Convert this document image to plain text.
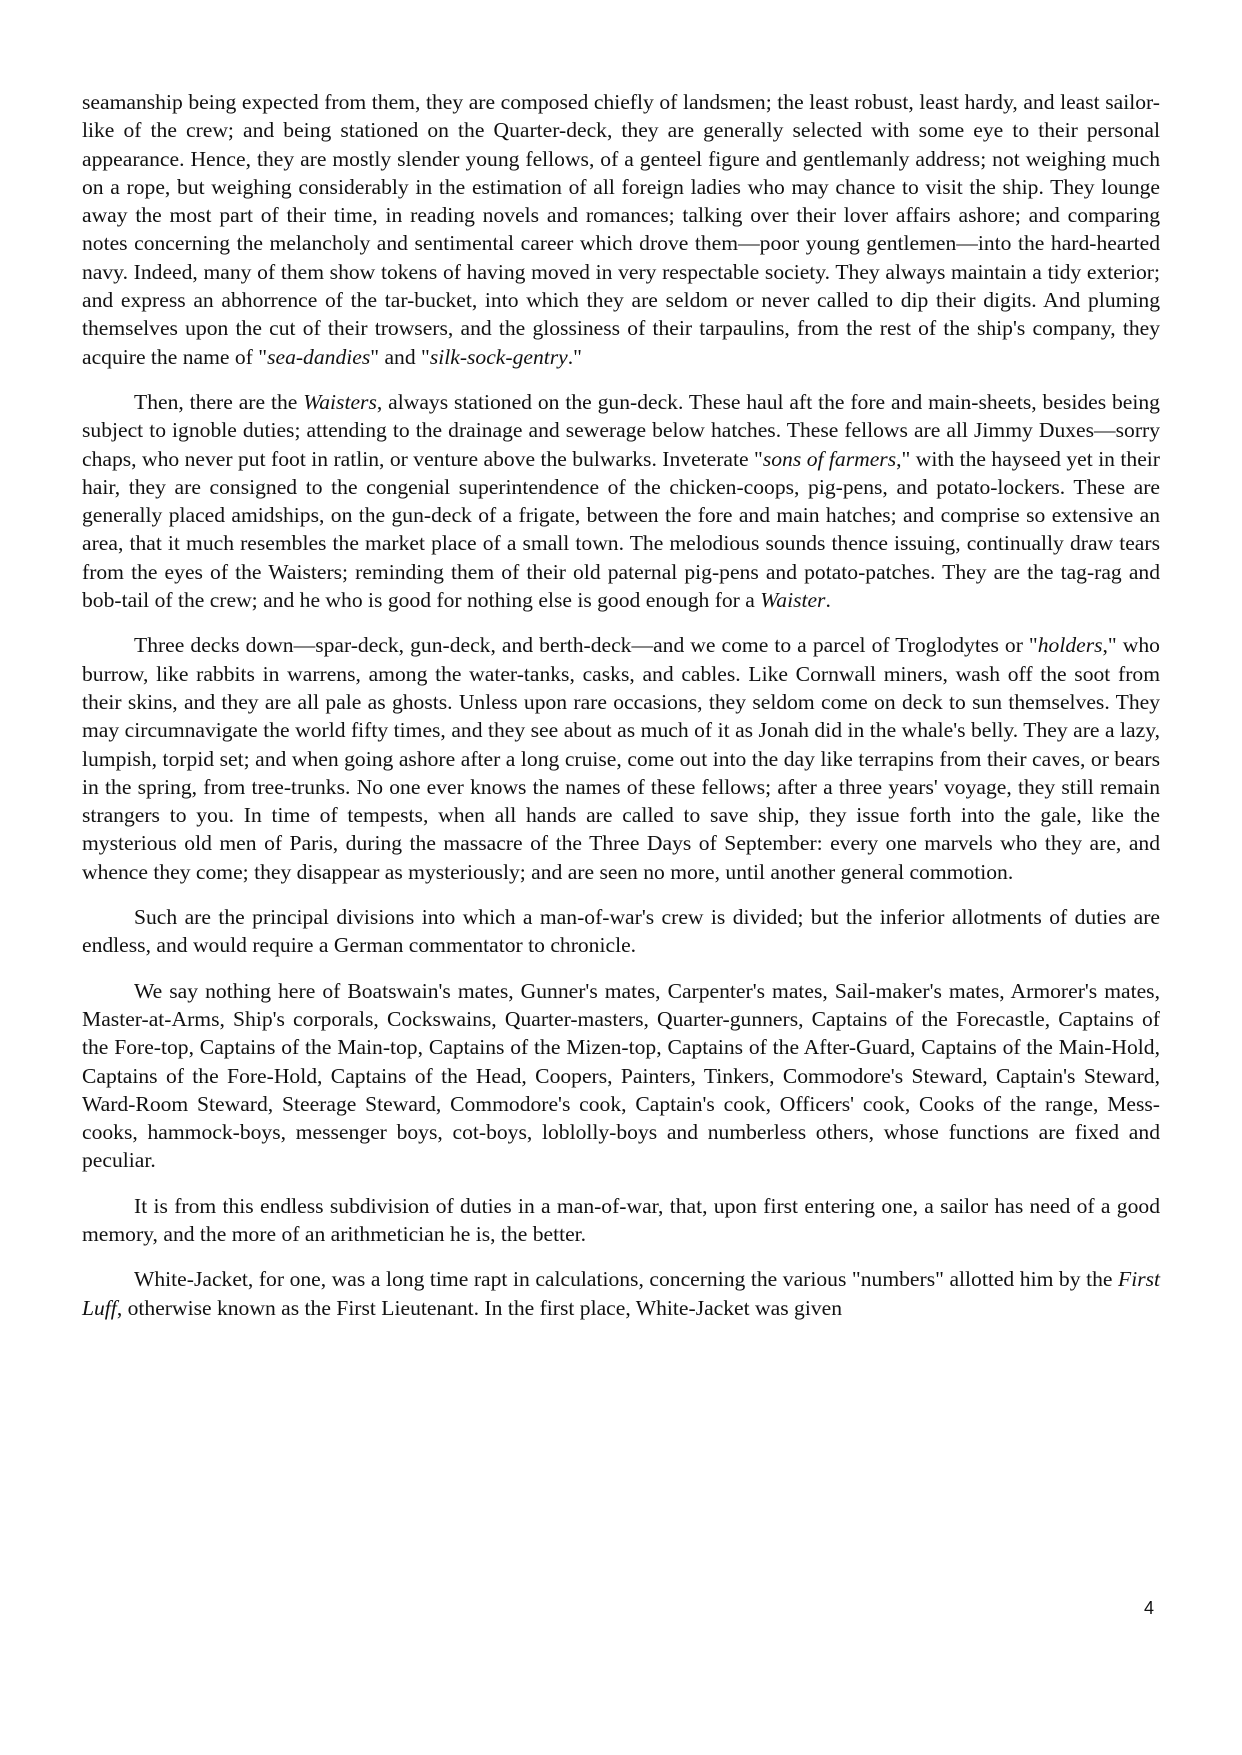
seamanship being expected from them, they are composed chiefly of landsmen; the least robust, least hardy, and least sailor-like of the crew; and being stationed on the Quarter-deck, they are generally selected with some eye to their personal appearance. Hence, they are mostly slender young fellows, of a genteel figure and gentlemanly address; not weighing much on a rope, but weighing considerably in the estimation of all foreign ladies who may chance to visit the ship. They lounge away the most part of their time, in reading novels and romances; talking over their lover affairs ashore; and comparing notes concerning the melancholy and sentimental career which drove them—poor young gentlemen—into the hard-hearted navy. Indeed, many of them show tokens of having moved in very respectable society. They always maintain a tidy exterior; and express an abhorrence of the tar-bucket, into which they are seldom or never called to dip their digits. And pluming themselves upon the cut of their trowsers, and the glossiness of their tarpaulins, from the rest of the ship's company, they acquire the name of "sea-dandies" and "silk-sock-gentry."

Then, there are the Waisters, always stationed on the gun-deck. These haul aft the fore and main-sheets, besides being subject to ignoble duties; attending to the drainage and sewerage below hatches. These fellows are all Jimmy Duxes—sorry chaps, who never put foot in ratlin, or venture above the bulwarks. Inveterate "sons of farmers," with the hayseed yet in their hair, they are consigned to the congenial superintendence of the chicken-coops, pig-pens, and potato-lockers. These are generally placed amidships, on the gun-deck of a frigate, between the fore and main hatches; and comprise so extensive an area, that it much resembles the market place of a small town. The melodious sounds thence issuing, continually draw tears from the eyes of the Waisters; reminding them of their old paternal pig-pens and potato-patches. They are the tag-rag and bob-tail of the crew; and he who is good for nothing else is good enough for a Waister.

Three decks down—spar-deck, gun-deck, and berth-deck—and we come to a parcel of Troglodytes or "holders," who burrow, like rabbits in warrens, among the water-tanks, casks, and cables. Like Cornwall miners, wash off the soot from their skins, and they are all pale as ghosts. Unless upon rare occasions, they seldom come on deck to sun themselves. They may circumnavigate the world fifty times, and they see about as much of it as Jonah did in the whale's belly. They are a lazy, lumpish, torpid set; and when going ashore after a long cruise, come out into the day like terrapins from their caves, or bears in the spring, from tree-trunks. No one ever knows the names of these fellows; after a three years' voyage, they still remain strangers to you. In time of tempests, when all hands are called to save ship, they issue forth into the gale, like the mysterious old men of Paris, during the massacre of the Three Days of September: every one marvels who they are, and whence they come; they disappear as mysteriously; and are seen no more, until another general commotion.

Such are the principal divisions into which a man-of-war's crew is divided; but the inferior allotments of duties are endless, and would require a German commentator to chronicle.

We say nothing here of Boatswain's mates, Gunner's mates, Carpenter's mates, Sail-maker's mates, Armorer's mates, Master-at-Arms, Ship's corporals, Cockswains, Quarter-masters, Quarter-gunners, Captains of the Forecastle, Captains of the Fore-top, Captains of the Main-top, Captains of the Mizen-top, Captains of the After-Guard, Captains of the Main-Hold, Captains of the Fore-Hold, Captains of the Head, Coopers, Painters, Tinkers, Commodore's Steward, Captain's Steward, Ward-Room Steward, Steerage Steward, Commodore's cook, Captain's cook, Officers' cook, Cooks of the range, Mess-cooks, hammock-boys, messenger boys, cot-boys, loblolly-boys and numberless others, whose functions are fixed and peculiar.

It is from this endless subdivision of duties in a man-of-war, that, upon first entering one, a sailor has need of a good memory, and the more of an arithmetician he is, the better.

White-Jacket, for one, was a long time rapt in calculations, concerning the various "numbers" allotted him by the First Luff, otherwise known as the First Lieutenant. In the first place, White-Jacket was given

4
